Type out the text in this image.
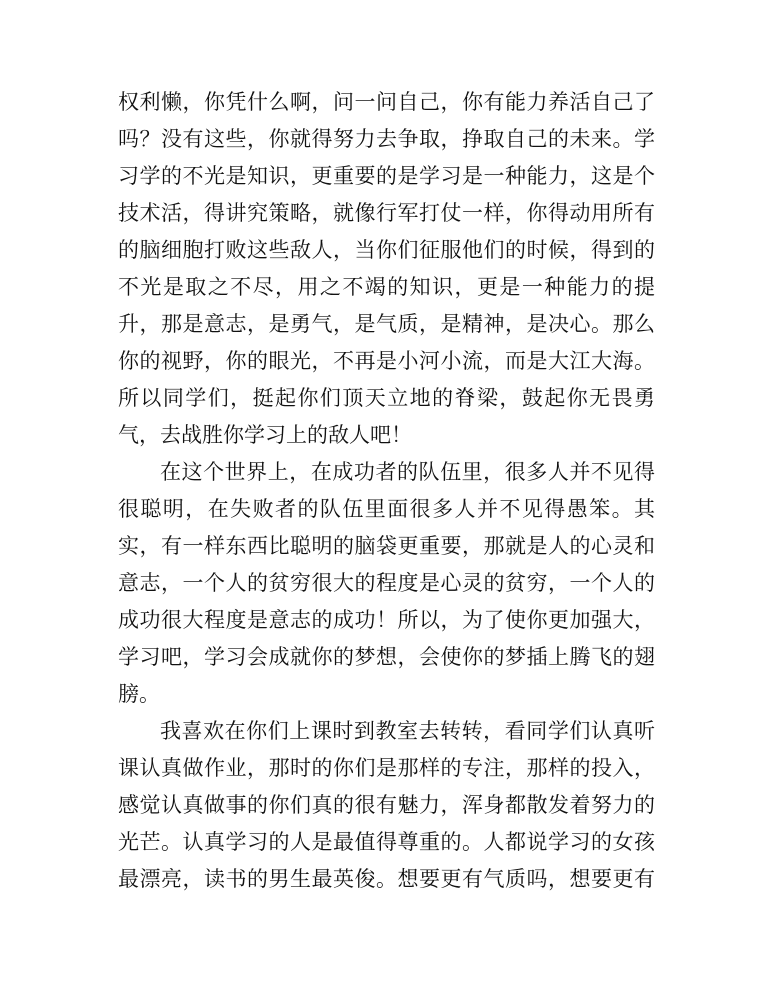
权利懒，你凭什么啊，问一问自己，你有能力养活自己了
吗？没有这些，你就得努力去争取，挣取自己的未来。学
习学的不光是知识，更重要的是学习是一种能力，这是个
技术活，得讲究策略，就像行军打仗一样，你得动用所有
的脑细胞打败这些敌人，当你们征服他们的时候，得到的
不光是取之不尽，用之不竭的知识，更是一种能力的提
升，那是意志，是勇气，是气质，是精神，是决心。那么
你的视野，你的眼光，不再是小河小流，而是大江大海。
所以同学们，挺起你们顶天立地的脊梁，鼓起你无畏勇
气，去战胜你学习上的敌人吧！
在这个世界上，在成功者的队伍里，很多人并不见得
很聪明，在失败者的队伍里面很多人并不见得愚笨。其
实，有一样东西比聪明的脑袋更重要，那就是人的心灵和
意志，一个人的贫穷很大的程度是心灵的贫穷，一个人的
成功很大程度是意志的成功！所以，为了使你更加强大，
学习吧，学习会成就你的梦想，会使你的梦插上腾飞的翅
膀。
我喜欢在你们上课时到教室去转转，看同学们认真听
课认真做作业，那时的你们是那样的专注，那样的投入，
感觉认真做事的你们真的很有魅力，浑身都散发着努力的
光芒。认真学习的人是最值得尊重的。人都说学习的女孩
最漂亮，读书的男生最英俊。想要更有气质吗，想要更有
